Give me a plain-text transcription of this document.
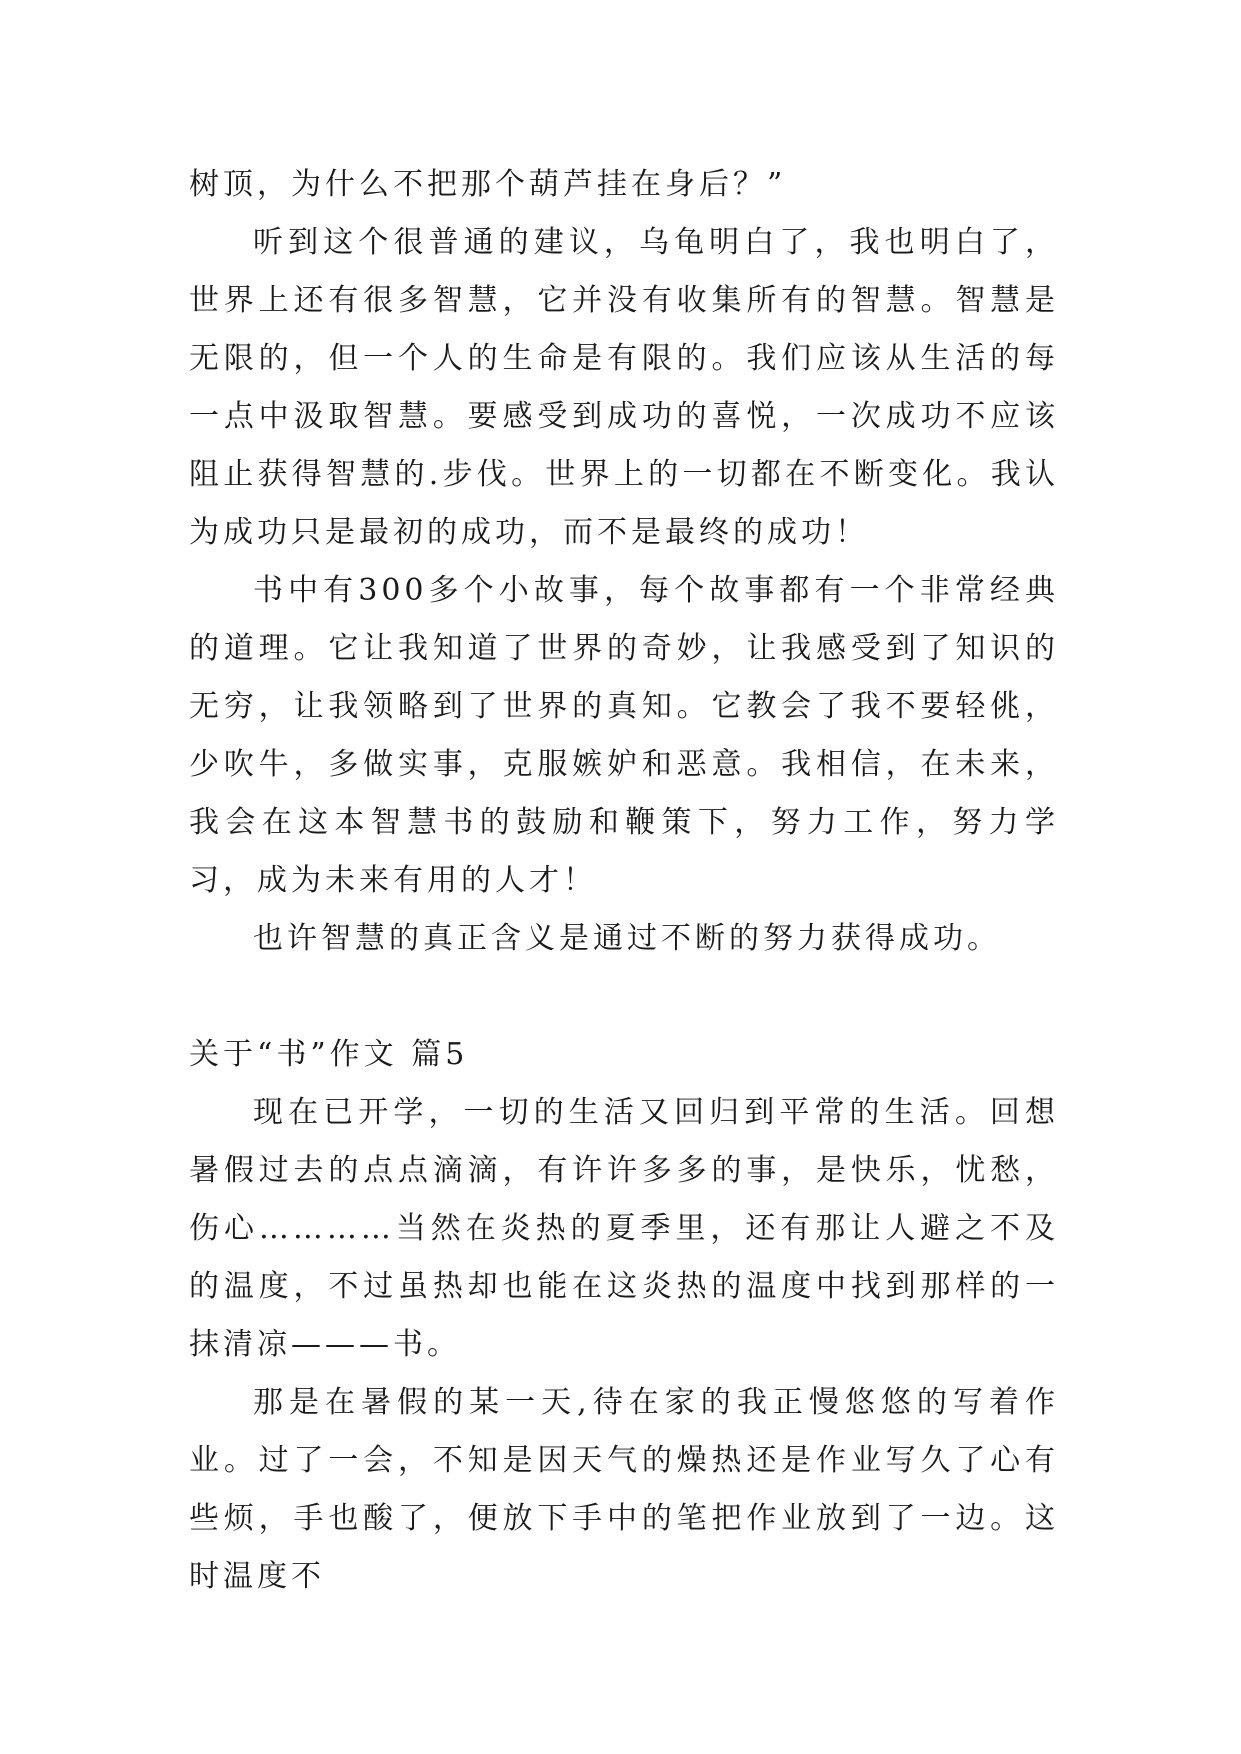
树顶，为什么不把那个葫芦挂在身后？”

听到这个很普通的建议，乌龟明白了，我也明白了，世界上还有很多智慧，它并没有收集所有的智慧。智慧是无限的，但一个人的生命是有限的。我们应该从生活的每一点中汲取智慧。要感受到成功的喜悦，一次成功不应该阻止获得智慧的.步伐。世界上的一切都在不断变化。我认为成功只是最初的成功，而不是最终的成功！

书中有300多个小故事，每个故事都有一个非常经典的道理。它让我知道了世界的奇妙，让我感受到了知识的无穷，让我领略到了世界的真知。它教会了我不要轻佻，少吹牛，多做实事，克服嫉妒和恶意。我相信，在未来，我会在这本智慧书的鼓励和鞭策下，努力工作，努力学习，成为未来有用的人才！

也许智慧的真正含义是通过不断的努力获得成功。

关于“书”作文 篇5

现在已开学，一切的生活又回归到平常的生活。回想暑假过去的点点滴滴，有许许多多的事，是快乐，忧愁，伤心…………当然在炎热的夏季里，还有那让人避之不及的温度，不过虽热却也能在这炎热的温度中找到那样的一抹清凉———书。

那是在暑假的某一天,待在家的我正慢悠悠的写着作业。过了一会，不知是因天气的燥热还是作业写久了心有些烦，手也酸了，便放下手中的笔把作业放到了一边。这时温度不
